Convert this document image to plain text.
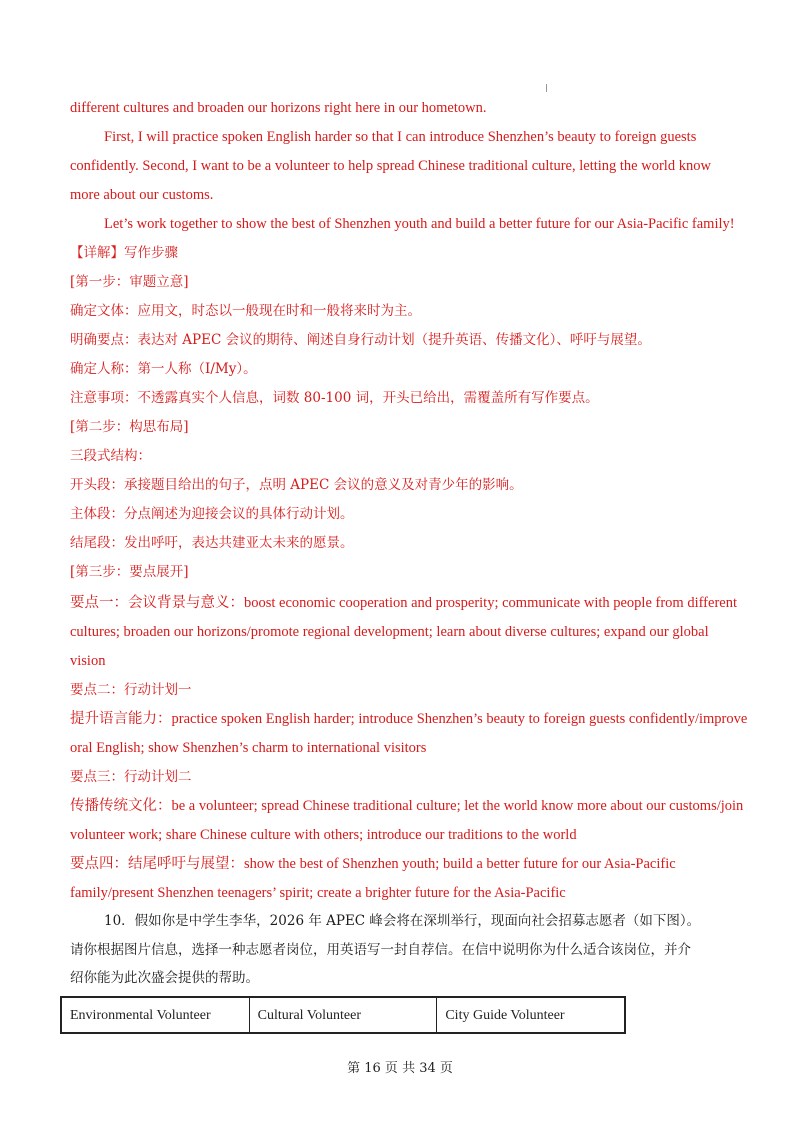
different cultures and broaden our horizons right here in our hometown.
First, I will practice spoken English harder so that I can introduce Shenzhen’s beauty to foreign guests
confidently. Second, I want to be a volunteer to help spread Chinese traditional culture, letting the world know
more about our customs.
Let’s work together to show the best of Shenzhen youth and build a better future for our Asia-Pacific family!
【详解】写作步骤
[第一步：审题立意]
确定文体：应用文，时态以一般现在时和一般将来时为主。
明确要点：表达对 APEC 会议的期待、阐述自身行动计划（提升英语、传播文化）、呼吁与展望。
确定人称：第一人称（I/My）。
注意事项：不透露真实个人信息，词数 80-100 词，开头已给出，需覆盖所有写作要点。
[第二步：构思布局]
三段式结构：
开头段：承接题目给出的句子，点明 APEC 会议的意义及对青少年的影响。
主体段：分点阐述为迎接会议的具体行动计划。
结尾段：发出呼吁，表达共建亚太未来的愿景。
[第三步：要点展开]
要点一：会议背景与意义：boost economic cooperation and prosperity; communicate with people from different
cultures; broaden our horizons/promote regional development; learn about diverse cultures; expand our global
vision
要点二：行动计划一
提升语言能力：practice spoken English harder; introduce Shenzhen’s beauty to foreign guests confidently/improve
oral English; show Shenzhen’s charm to international visitors
要点三：行动计划二
传播传统文化：be a volunteer; spread Chinese traditional culture; let the world know more about our customs/join
volunteer work; share Chinese culture with others; introduce our traditions to the world
要点四：结尾呼吁与展望：show the best of Shenzhen youth; build a better future for our Asia-Pacific
family/present Shenzhen teenagers’ spirit; create a brighter future for the Asia-Pacific
10．假如你是中学生李华，2026 年 APEC 峰会将在深圳举行，现面向社会招募志愿者（如下图）。
请你根据图片信息，选择一种志愿者岗位，用英语写一封自荐信。在信中说明你为什么适合该岗位，并介
绍你能为此次盛会提供的帮助。
Environmental Volunteer	Cultural Volunteer	City Guide Volunteer
第 16 页 共 34 页
